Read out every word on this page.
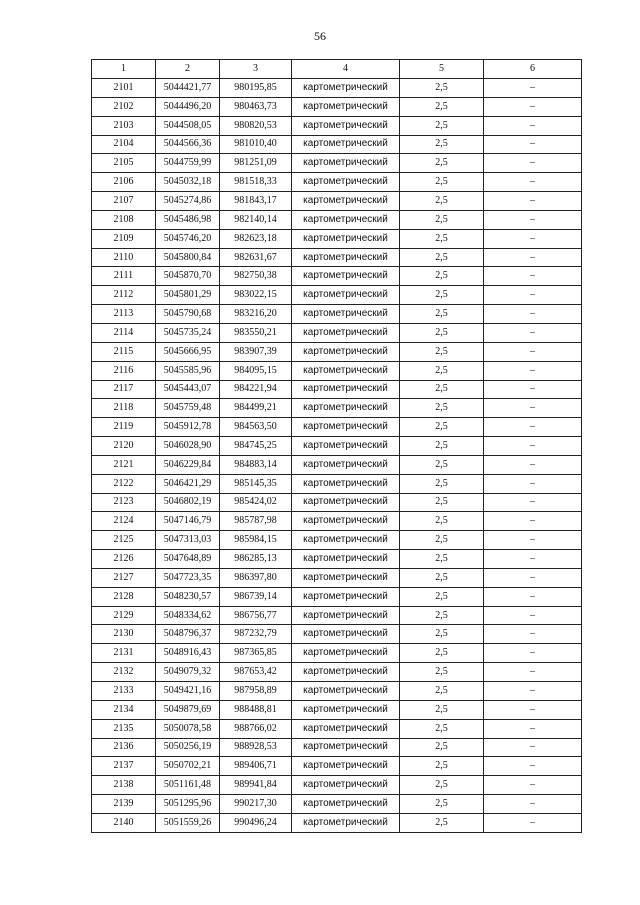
56
1	2	3	4	5	6
2101	5044421,77	980195,85	картометрический	2,5	–
2102	5044496,20	980463,73	картометрический	2,5	–
2103	5044508,05	980820,53	картометрический	2,5	–
2104	5044566,36	981010,40	картометрический	2,5	–
2105	5044759,99	981251,09	картометрический	2,5	–
2106	5045032,18	981518,33	картометрический	2,5	–
2107	5045274,86	981843,17	картометрический	2,5	–
2108	5045486,98	982140,14	картометрический	2,5	–
2109	5045746,20	982623,18	картометрический	2,5	–
2110	5045800,84	982631,67	картометрический	2,5	–
2111	5045870,70	982750,38	картометрический	2,5	–
2112	5045801,29	983022,15	картометрический	2,5	–
2113	5045790,68	983216,20	картометрический	2,5	–
2114	5045735,24	983550,21	картометрический	2,5	–
2115	5045666,95	983907,39	картометрический	2,5	–
2116	5045585,96	984095,15	картометрический	2,5	–
2117	5045443,07	984221,94	картометрический	2,5	–
2118	5045759,48	984499,21	картометрический	2,5	–
2119	5045912,78	984563,50	картометрический	2,5	–
2120	5046028,90	984745,25	картометрический	2,5	–
2121	5046229,84	984883,14	картометрический	2,5	–
2122	5046421,29	985145,35	картометрический	2,5	–
2123	5046802,19	985424,02	картометрический	2,5	–
2124	5047146,79	985787,98	картометрический	2,5	–
2125	5047313,03	985984,15	картометрический	2,5	–
2126	5047648,89	986285,13	картометрический	2,5	–
2127	5047723,35	986397,80	картометрический	2,5	–
2128	5048230,57	986739,14	картометрический	2,5	–
2129	5048334,62	986756,77	картометрический	2,5	–
2130	5048796,37	987232,79	картометрический	2,5	–
2131	5048916,43	987365,85	картометрический	2,5	–
2132	5049079,32	987653,42	картометрический	2,5	–
2133	5049421,16	987958,89	картометрический	2,5	–
2134	5049879,69	988488,81	картометрический	2,5	–
2135	5050078,58	988766,02	картометрический	2,5	–
2136	5050256,19	988928,53	картометрический	2,5	–
2137	5050702,21	989406,71	картометрический	2,5	–
2138	5051161,48	989941,84	картометрический	2,5	–
2139	5051295,96	990217,30	картометрический	2,5	–
2140	5051559,26	990496,24	картометрический	2,5	–
